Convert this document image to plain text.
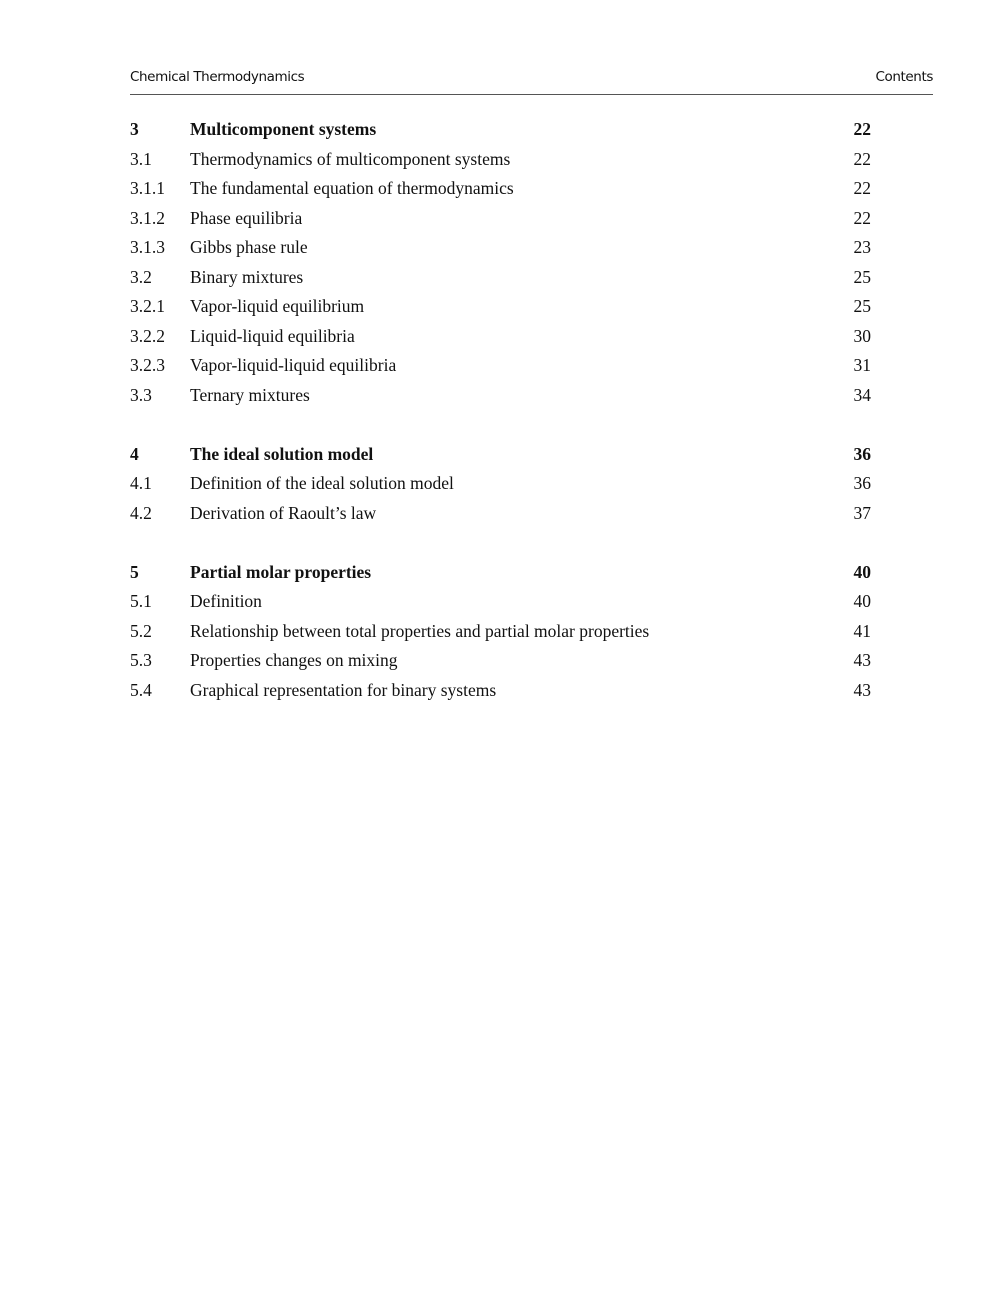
Chemical Thermodynamics	Contents
3	Multicomponent systems	22
3.1 Thermodynamics of multicomponent systems	22
3.1.1 The fundamental equation of thermodynamics	22
3.1.2 Phase equilibria	22
3.1.3 Gibbs phase rule	23
3.2 Binary mixtures	25
3.2.1 Vapor-liquid equilibrium	25
3.2.2 Liquid-liquid equilibria	30
3.2.3 Vapor-liquid-liquid equilibria	31
3.3 Ternary mixtures	34
4	The ideal solution model	36
4.1 Definition of the ideal solution model	36
4.2 Derivation of Raoult’s law	37
5	Partial molar properties	40
5.1 Definition	40
5.2 Relationship between total properties and partial molar properties	41
5.3 Properties changes on mixing	43
5.4 Graphical representation for binary systems	43
